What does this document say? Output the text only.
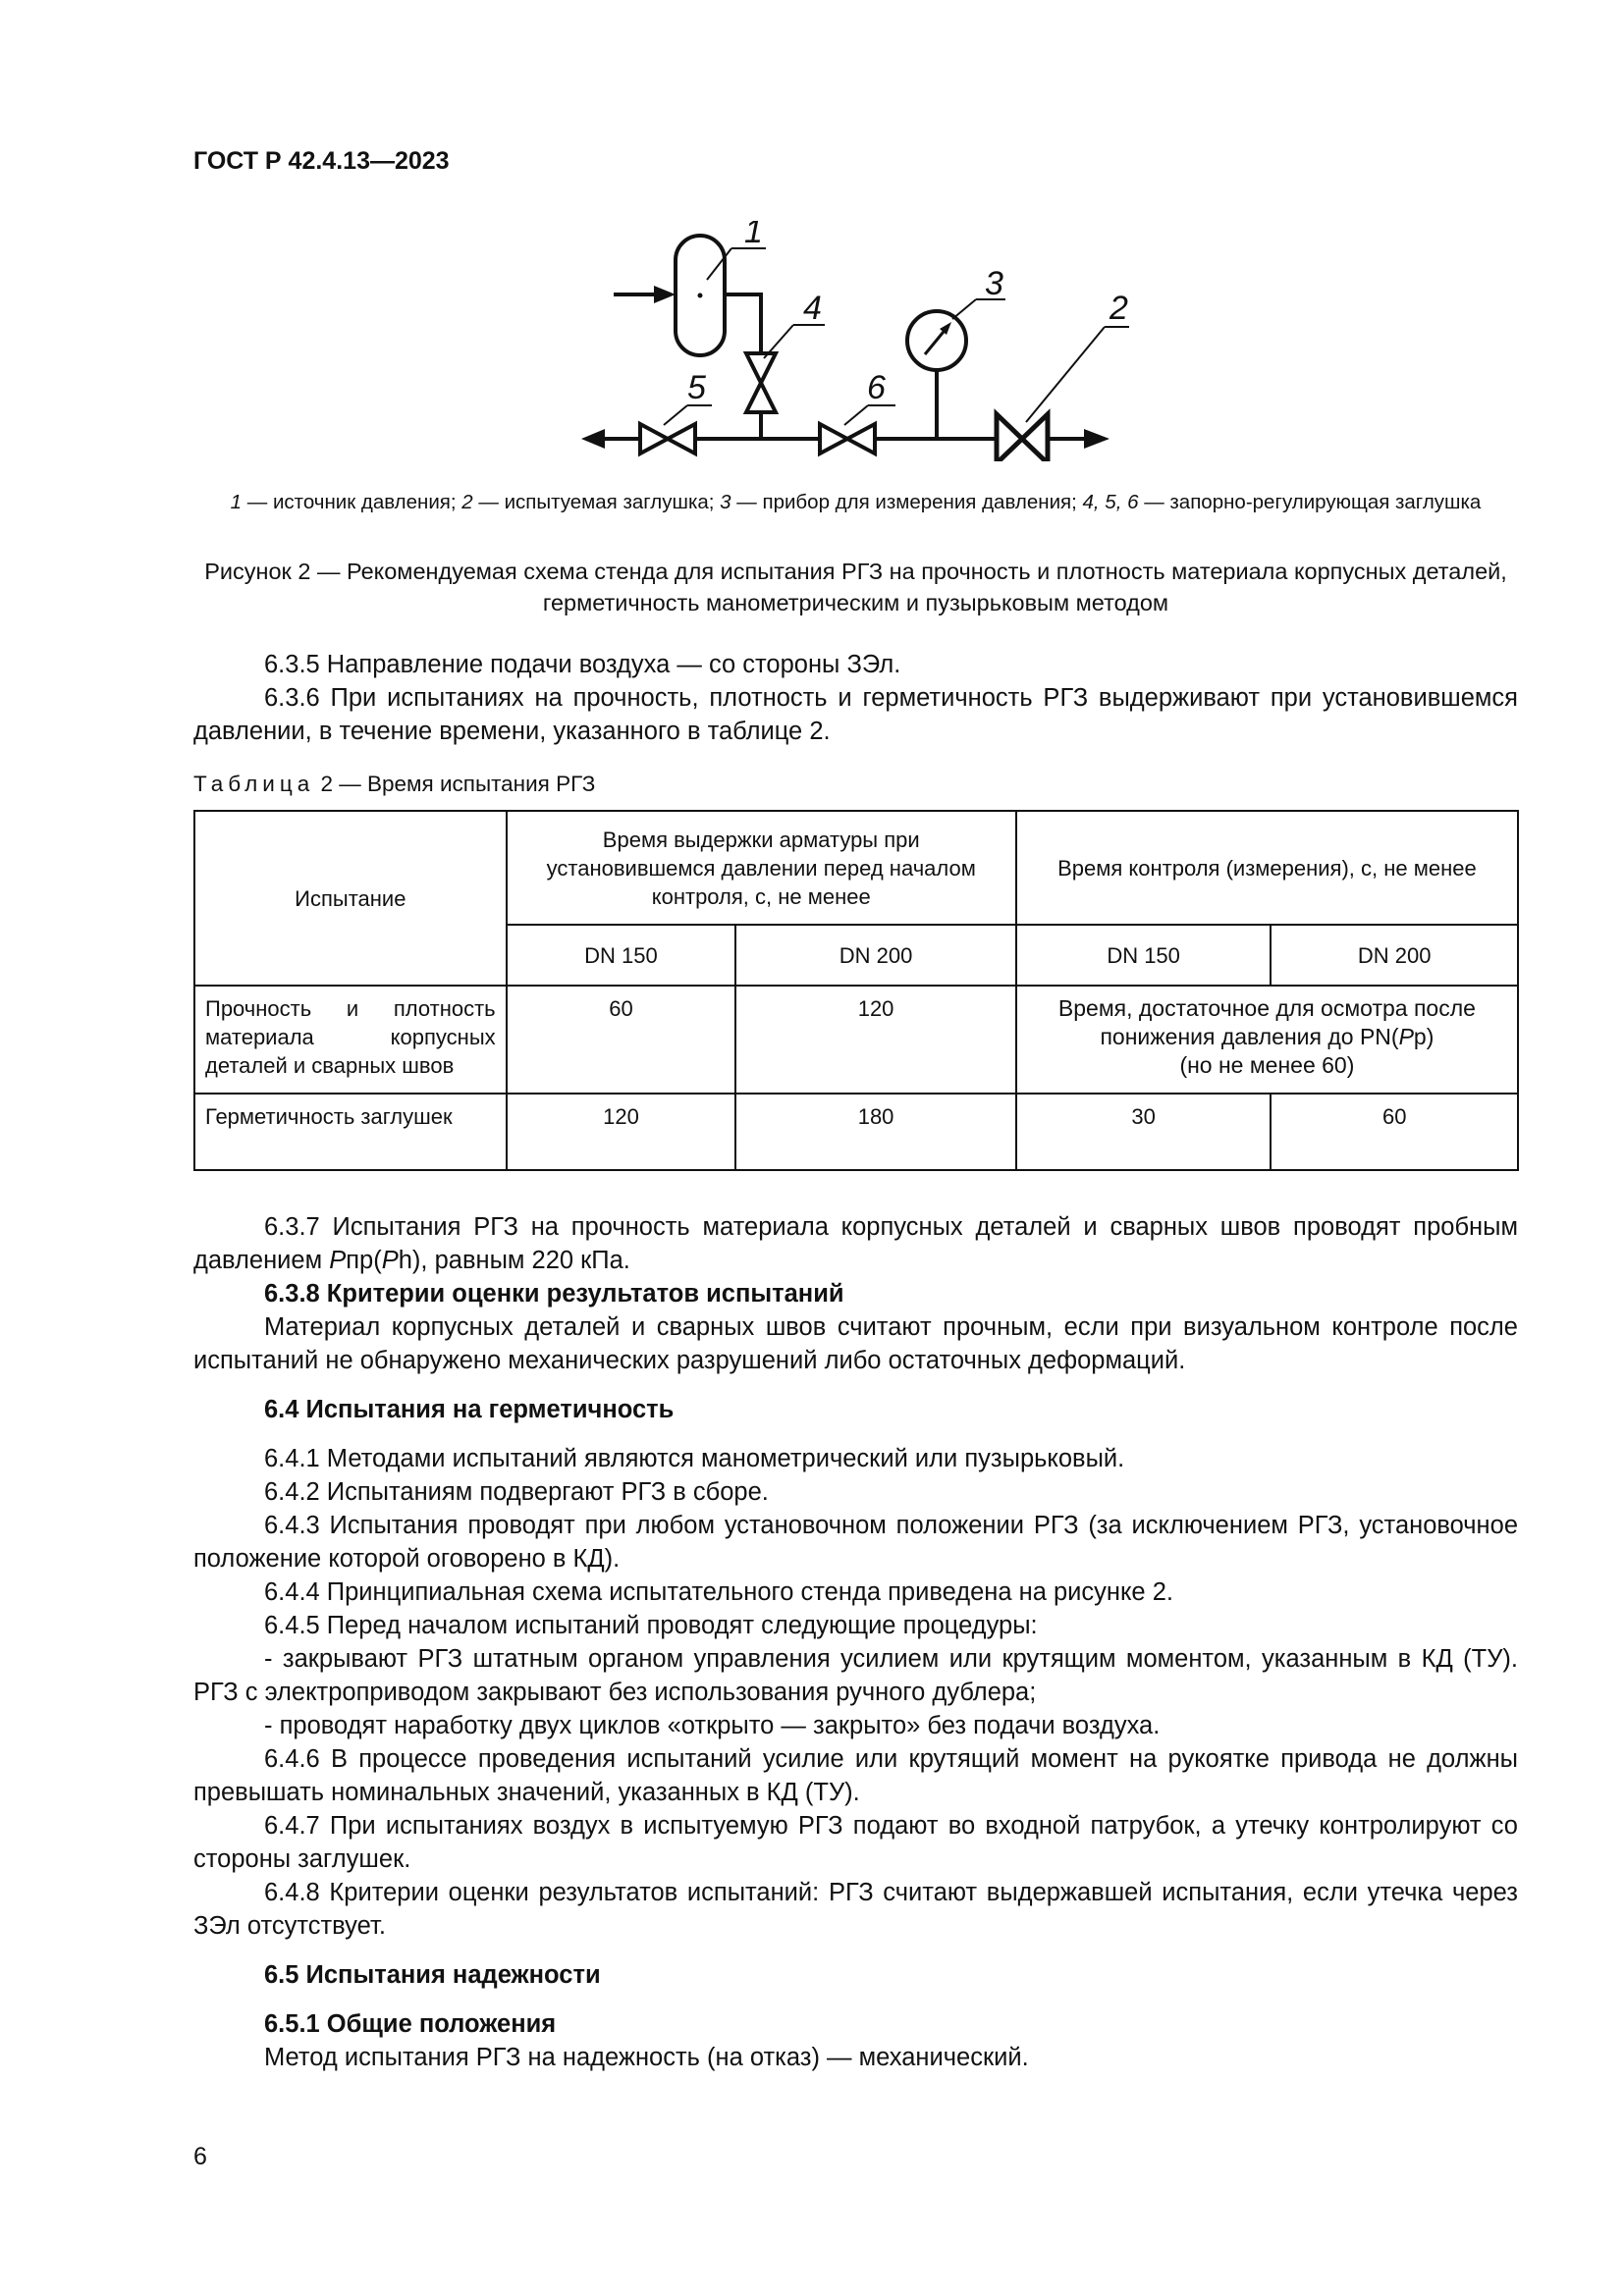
ГОСТ Р 42.4.13—2023
1
4
3
2
5	6
1 — источник давления; 2 — испытуемая заглушка; 3 — прибор для измерения давления; 4, 5, 6 — запорно-регулирующая заглушка
Рисунок 2 — Рекомендуемая схема стенда для испытания РГЗ на прочность и плотность материала корпусных деталей, герметичность манометрическим и пузырьковым методом

6.3.5 Направление подачи воздуха — со стороны ЗЭл.

6.3.6 При испытаниях на прочность, плотность и герметичность РГЗ выдерживают при установившемся давлении, в течение времени, указанного в таблице 2.

Таблица 2 — Время испытания РГЗ
Испытание	Время выдержки арматуры при установившемся давлении перед началом контроля, с, не менее		Время контроля (измерения), с, не менее	
	DN 150	DN 200	DN 150	DN 200
Прочность и плотность материала корпусных деталей и сварных швов	60	120	Время, достаточное для осмотра после
понижения давления до PN(Pp)
(но не менее 60)	
Герметичность заглушек	120	180	30	60

6.3.7 Испытания РГЗ на прочность материала корпусных деталей и сварных швов проводят пробным давлением Pпр(Ph), равным 220 кПа.

6.3.8 Критерии оценки результатов испытаний

Материал корпусных деталей и сварных швов считают прочным, если при визуальном контроле после испытаний не обнаружено механических разрушений либо остаточных деформаций.

6.4 Испытания на герметичность

6.4.1 Методами испытаний являются манометрический или пузырьковый.

6.4.2 Испытаниям подвергают РГЗ в сборе.

6.4.3 Испытания проводят при любом установочном положении РГЗ (за исключением РГЗ, установочное положение которой оговорено в КД).

6.4.4 Принципиальная схема испытательного стенда приведена на рисунке 2.

6.4.5 Перед началом испытаний проводят следующие процедуры:

- закрывают РГЗ штатным органом управления усилием или крутящим моментом, указанным в КД (ТУ). РГЗ с электроприводом закрывают без использования ручного дублера;

- проводят наработку двух циклов «открыто — закрыто» без подачи воздуха.

6.4.6 В процессе проведения испытаний усилие или крутящий момент на рукоятке привода не должны превышать номинальных значений, указанных в КД (ТУ).

6.4.7 При испытаниях воздух в испытуемую РГЗ подают во входной патрубок, а утечку контролируют со стороны заглушек.

6.4.8 Критерии оценки результатов испытаний: РГЗ считают выдержавшей испытания, если утечка через ЗЭл отсутствует.

6.5 Испытания надежности

6.5.1 Общие положения

Метод испытания РГЗ на надежность (на отказ) — механический.

6
